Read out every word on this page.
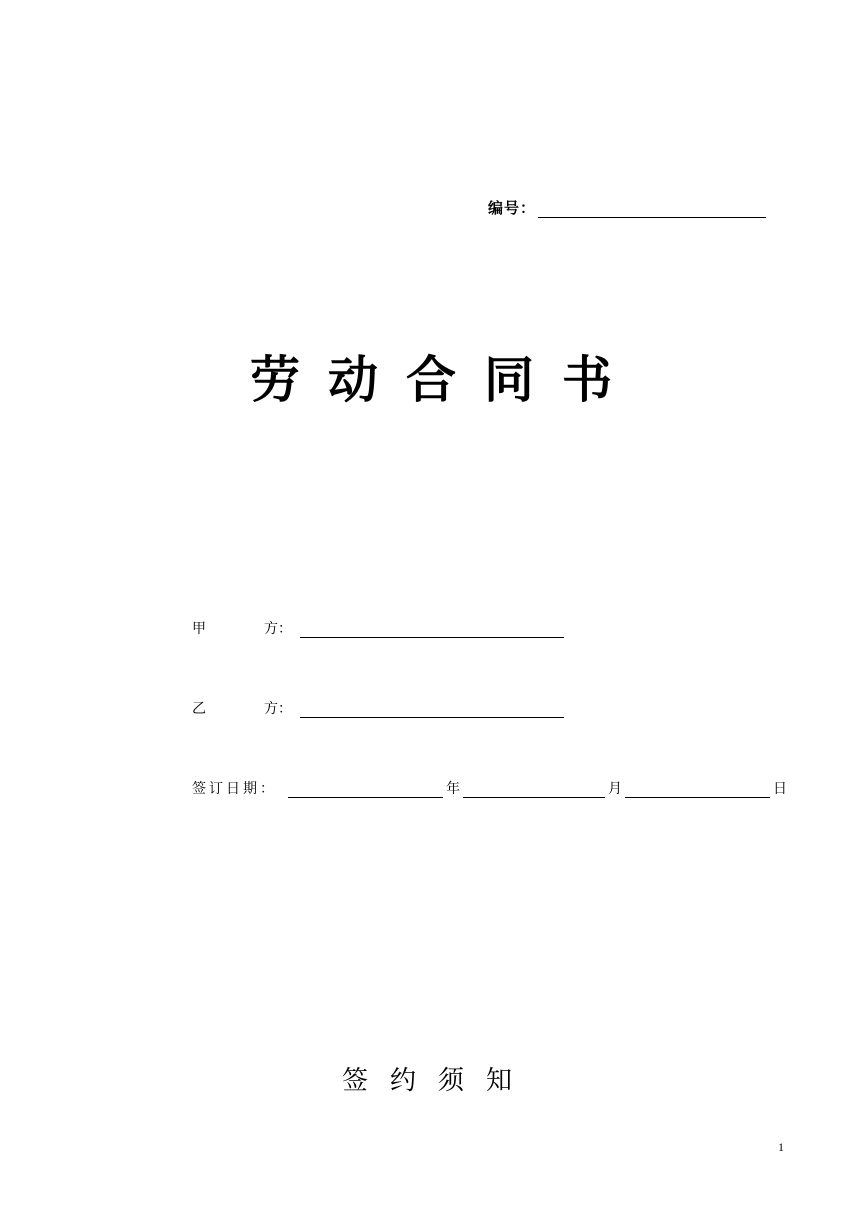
编号：
劳动合同书
甲	方：
乙	方：
签订日期：	年	月	日
签约须知
1
